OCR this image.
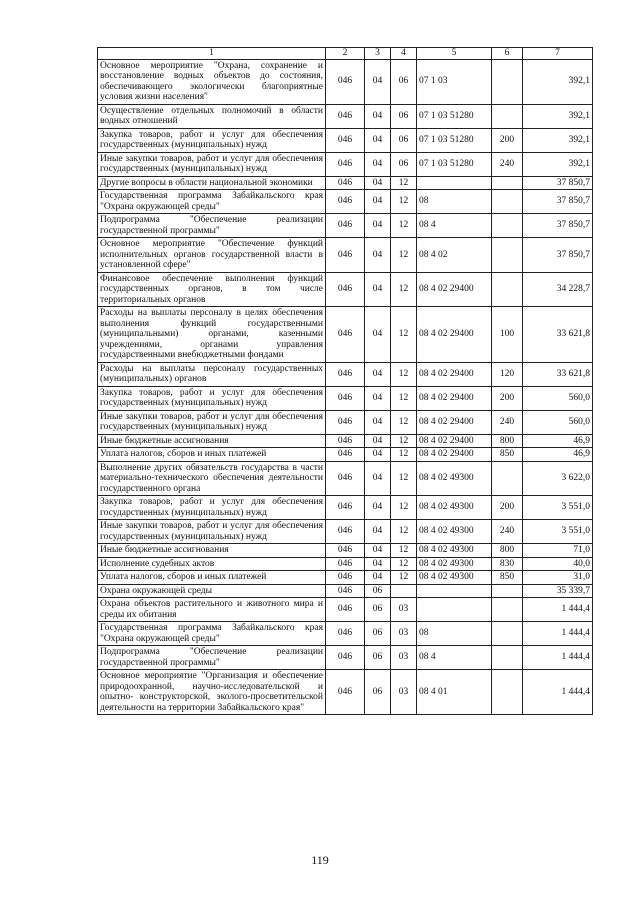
1	2	3	4	5	6	7
Основное мероприятие "Охрана, сохранение и восстановление водных объектов до состояния, обеспечивающего экологически благоприятные условия жизни населения"	046	04	06	07 1 03		392,1
Осуществление отдельных полномочий в области водных отношений	046	04	06	07 1 03 51280		392,1
Закупка товаров, работ и услуг для обеспечения государственных (муниципальных) нужд	046	04	06	07 1 03 51280	200	392,1
Иные закупки товаров, работ и услуг для обеспечения государственных (муниципальных) нужд	046	04	06	07 1 03 51280	240	392,1
Другие вопросы в области национальной экономики	046	04	12			37 850,7
Государственная программа Забайкальского края "Охрана окружающей среды"	046	04	12	08		37 850,7
Подпрограмма "Обеспечение реализации государственной программы"	046	04	12	08 4		37 850,7
Основное мероприятие "Обеспечение функций исполнительных органов государственной власти в установленной сфере"	046	04	12	08 4 02		37 850,7
Финансовое обеспечение выполнения функций государственных органов, в том числе территориальных органов	046	04	12	08 4 02 29400		34 228,7
Расходы на выплаты персоналу в целях обеспечения выполнения функций государственными (муниципальными) органами, казенными учреждениями, органами управления государственными внебюджетными фондами	046	04	12	08 4 02 29400	100	33 621,8
Расходы на выплаты персоналу государственных (муниципальных) органов	046	04	12	08 4 02 29400	120	33 621,8
Закупка товаров, работ и услуг для обеспечения государственных (муниципальных) нужд	046	04	12	08 4 02 29400	200	560,0
Иные закупки товаров, работ и услуг для обеспечения государственных (муниципальных) нужд	046	04	12	08 4 02 29400	240	560,0
Иные бюджетные ассигнования	046	04	12	08 4 02 29400	800	46,9
Уплата налогов, сборов и иных платежей	046	04	12	08 4 02 29400	850	46,9
Выполнение других обязательств государства в части материально-технического обеспечения деятельности государственного органа	046	04	12	08 4 02 49300		3 622,0
Закупка товаров, работ и услуг для обеспечения государственных (муниципальных) нужд	046	04	12	08 4 02 49300	200	3 551,0
Иные закупки товаров, работ и услуг для обеспечения государственных (муниципальных) нужд	046	04	12	08 4 02 49300	240	3 551,0
Иные бюджетные ассигнования	046	04	12	08 4 02 49300	800	71,0
Исполнение судебных актов	046	04	12	08 4 02 49300	830	40,0
Уплата налогов, сборов и иных платежей	046	04	12	08 4 02 49300	850	31,0
Охрана окружающей среды	046	06				35 339,7
Охрана объектов растительного и животного мира и среды их обитания	046	06	03			1 444,4
Государственная программа Забайкальского края "Охрана окружающей среды"	046	06	03	08		1 444,4
Подпрограмма "Обеспечение реализации государственной программы"	046	06	03	08 4		1 444,4
Основное мероприятие "Организация и обеспечение природоохранной, научно-исследовательской и опытно- конструкторской, эколого-просветительской деятельности на территории Забайкальского края"	046	06	03	08 4 01		1 444,4
119
